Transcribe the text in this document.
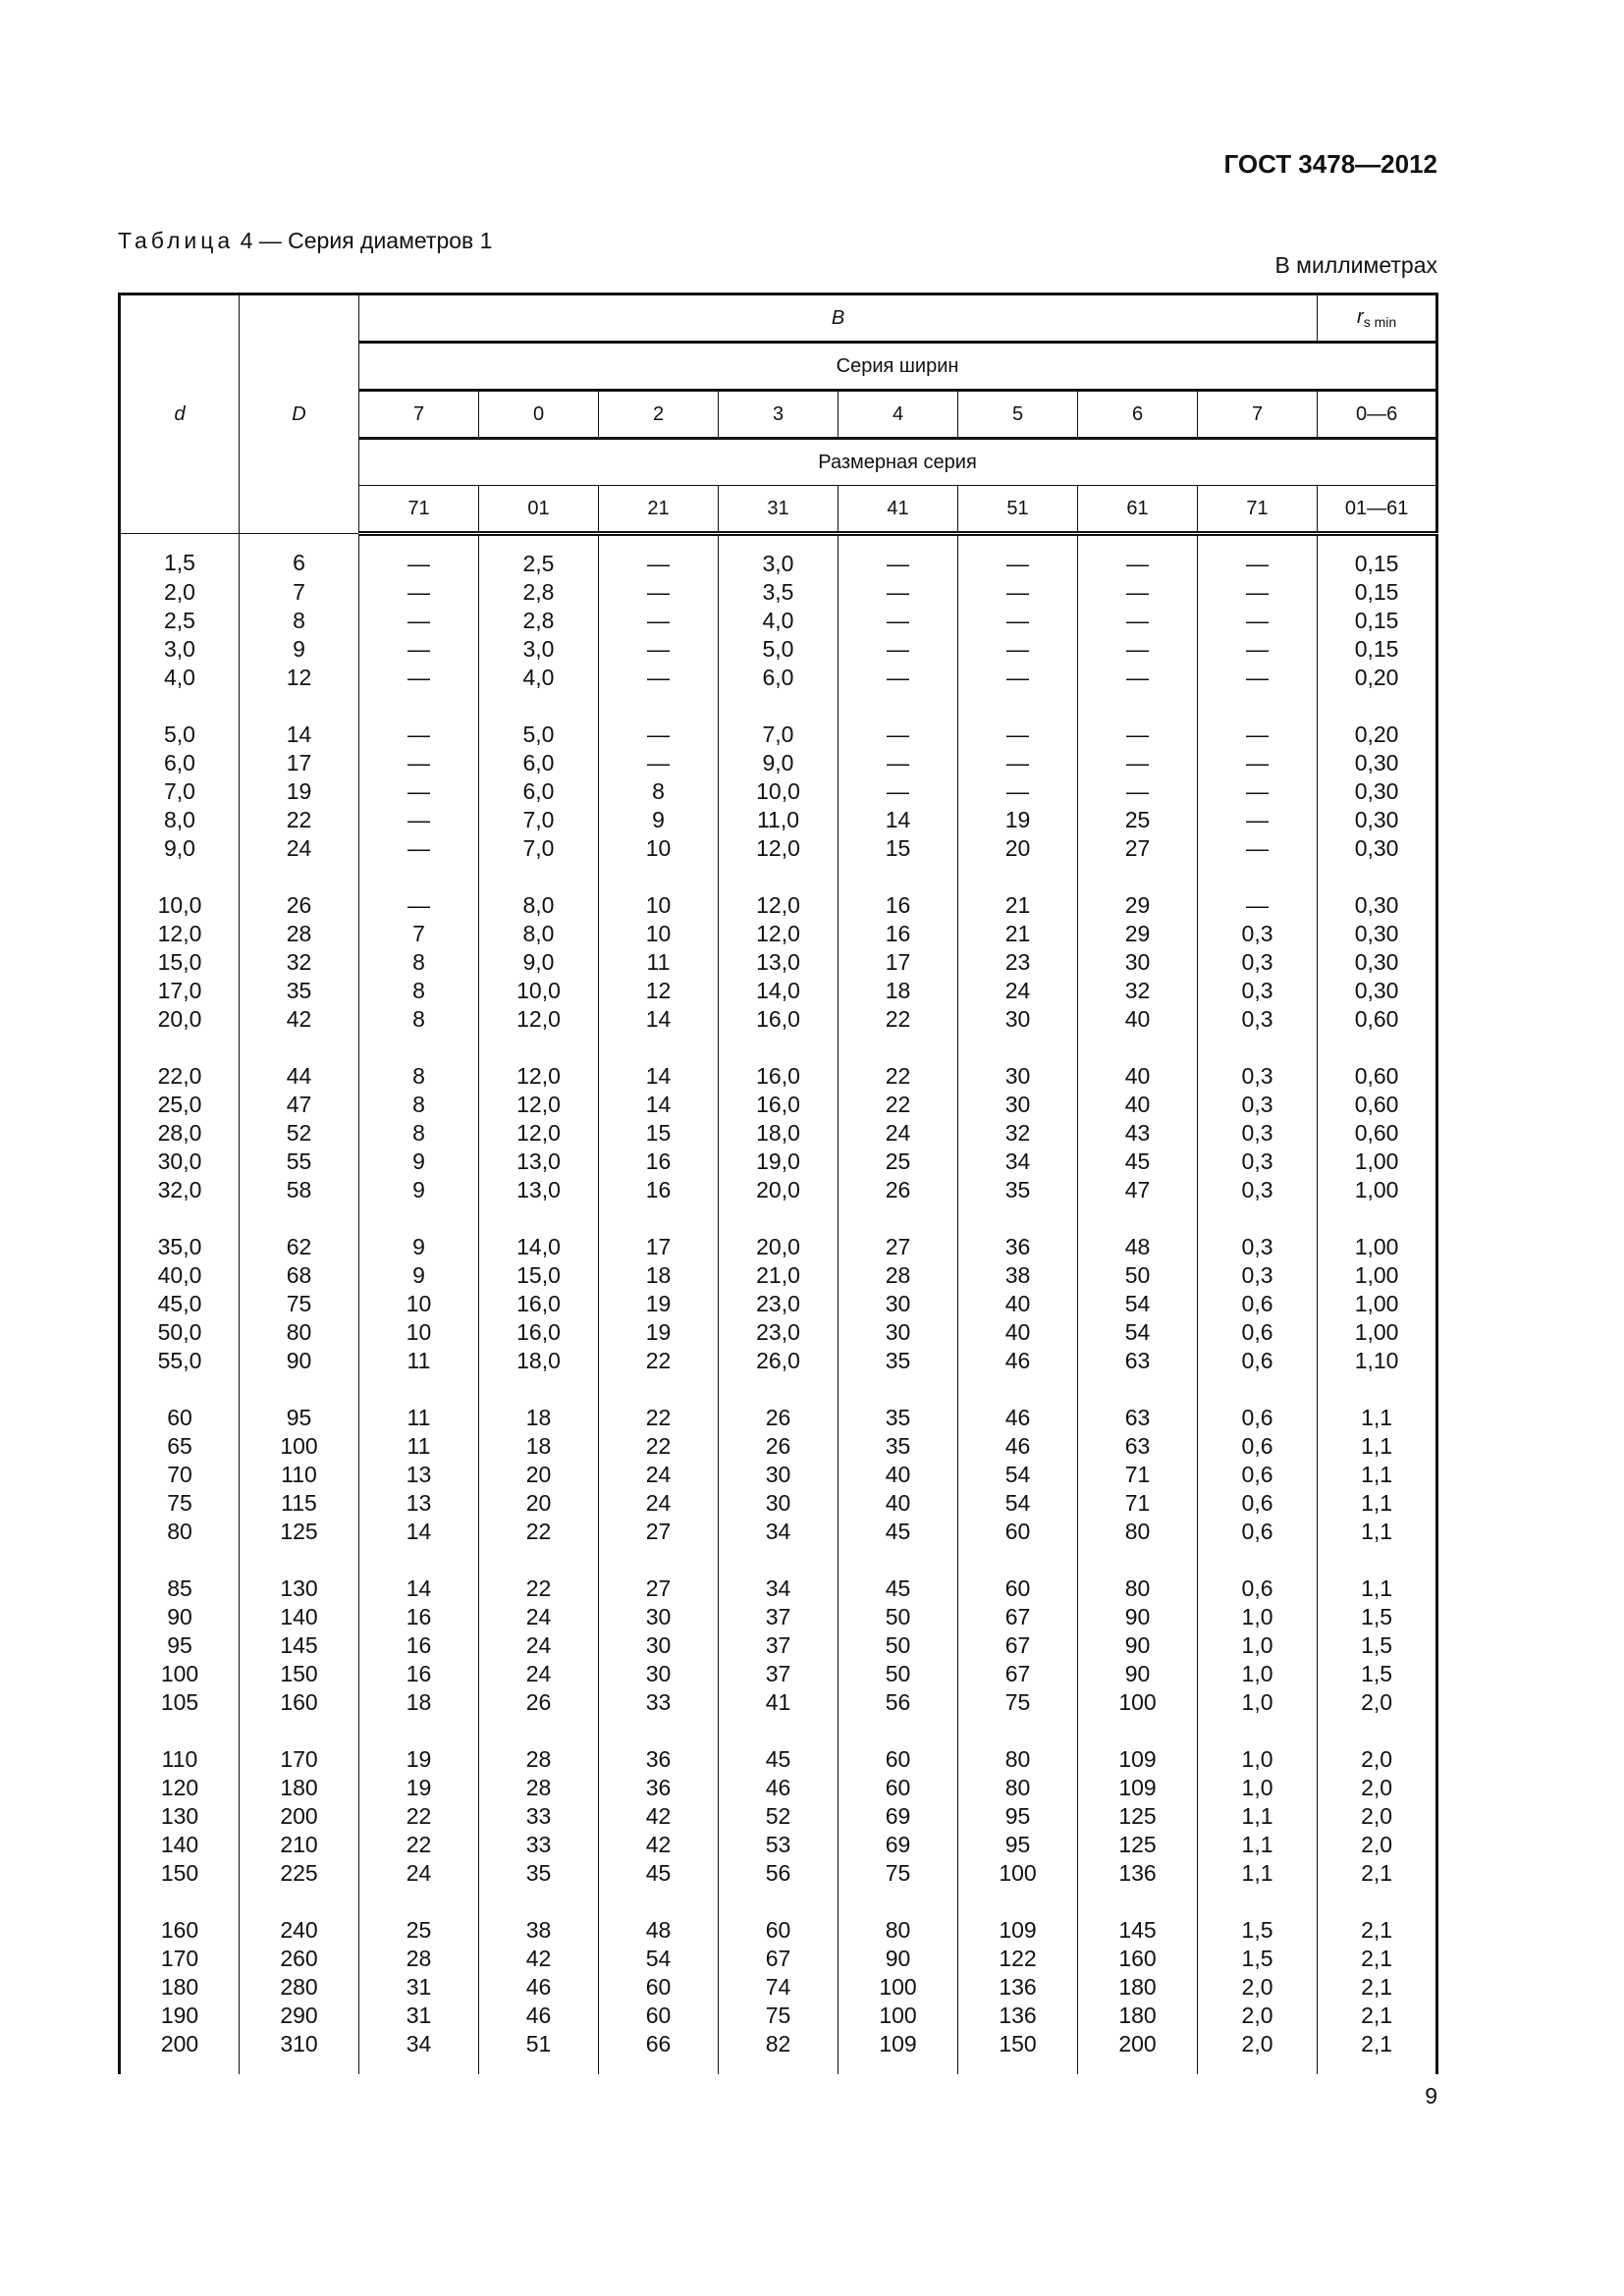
ГОСТ 3478—2012
Таблица 4 — Серия диаметров 1
В миллиметрах
d	D	B								$r_{s min}$
		Серия ширин								
		7	0	2	3	4	5	6	7	0—6
		Размерная серия								
		71	01	21	31	41	51	61	71	01—61
1,5	6	—	2,5	—	3,0	—	—	—	—	0,15
2,0	7	—	2,8	—	3,5	—	—	—	—	0,15
2,5	8	—	2,8	—	4,0	—	—	—	—	0,15
3,0	9	—	3,0	—	5,0	—	—	—	—	0,15
4,0	12	—	4,0	—	6,0	—	—	—	—	0,20

5,0	14	—	5,0	—	7,0	—	—	—	—	0,20

6,0	17	—	6,0	—	9,0	—	—	—	—	0,30
7,0	19	—	6,0	8	10,0	—	—	—	—	0,30
8,0	22	—	7,0	9	11,0	14	19	25	—	0,30
9,0	24	—	7,0	10	12,0	15	20	27	—	0,30

10,0	26	—	8,0	10	12,0	16	21	29	—	0,30

12,0	28	7	8,0	10	12,0	16	21	29	0,3	0,30
15,0	32	8	9,0	11	13,0	17	23	30	0,3	0,30
17,0	35	8	10,0	12	14,0	18	24	32	0,3	0,30
20,0	42	8	12,0	14	16,0	22	30	40	0,3	0,60

22,0	44	8	12,0	14	16,0	22	30	40	0,3	0,60

25,0	47	8	12,0	14	16,0	22	30	40	0,3	0,60
28,0	52	8	12,0	15	18,0	24	32	43	0,3	0,60
30,0	55	9	13,0	16	19,0	25	34	45	0,3	1,00
32,0	58	9	13,0	16	20,0	26	35	47	0,3	1,00

35,0	62	9	14,0	17	20,0	27	36	48	0,3	1,00

40,0	68	9	15,0	18	21,0	28	38	50	0,3	1,00
45,0	75	10	16,0	19	23,0	30	40	54	0,6	1,00
50,0	80	10	16,0	19	23,0	30	40	54	0,6	1,00
55,0	90	11	18,0	22	26,0	35	46	63	0,6	1,10

60	95	11	18	22	26	35	46	63	0,6	1,1

65	100	11	18	22	26	35	46	63	0,6	1,1
70	110	13	20	24	30	40	54	71	0,6	1,1
75	115	13	20	24	30	40	54	71	0,6	1,1
80	125	14	22	27	34	45	60	80	0,6	1,1

85	130	14	22	27	34	45	60	80	0,6	1,1

90	140	16	24	30	37	50	67	90	1,0	1,5
95	145	16	24	30	37	50	67	90	1,0	1,5
100	150	16	24	30	37	50	67	90	1,0	1,5
105	160	18	26	33	41	56	75	100	1,0	2,0

110	170	19	28	36	45	60	80	109	1,0	2,0

120	180	19	28	36	46	60	80	109	1,0	2,0
130	200	22	33	42	52	69	95	125	1,1	2,0
140	210	22	33	42	53	69	95	125	1,1	2,0
150	225	24	35	45	56	75	100	136	1,1	2,1

160	240	25	38	48	60	80	109	145	1,5	2,1

170	260	28	42	54	67	90	122	160	1,5	2,1
180	280	31	46	60	74	100	136	180	2,0	2,1
190	290	31	46	60	75	100	136	180	2,0	2,1
200	310	34	51	66	82	109	150	200	2,0	2,1
9
